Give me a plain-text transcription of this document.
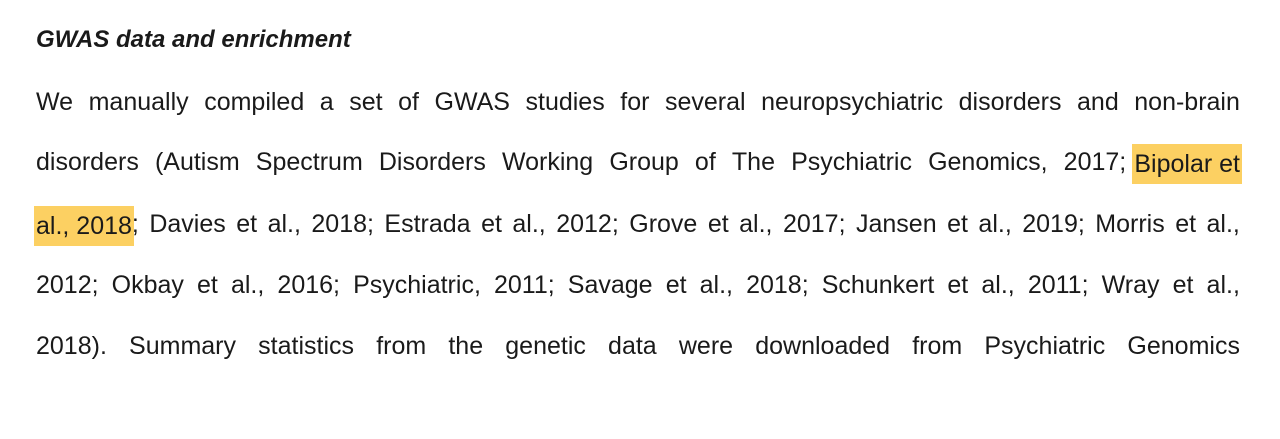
GWAS data and enrichment
We manually compiled a set of GWAS studies for several neuropsychiatric disorders and non-brain
disorders (Autism Spectrum Disorders Working Group of The Psychiatric Genomics, 2017; Bipolar et
al., 2018 ; Davies et al., 2018; Estrada et al., 2012; Grove et al., 2017; Jansen et al., 2019; Morris et al.,
2012; Okbay et al., 2016; Psychiatric, 2011; Savage et al., 2018; Schunkert et al., 2011; Wray et al.,
2018). Summary statistics from the genetic data were downloaded from Psychiatric Genomics
